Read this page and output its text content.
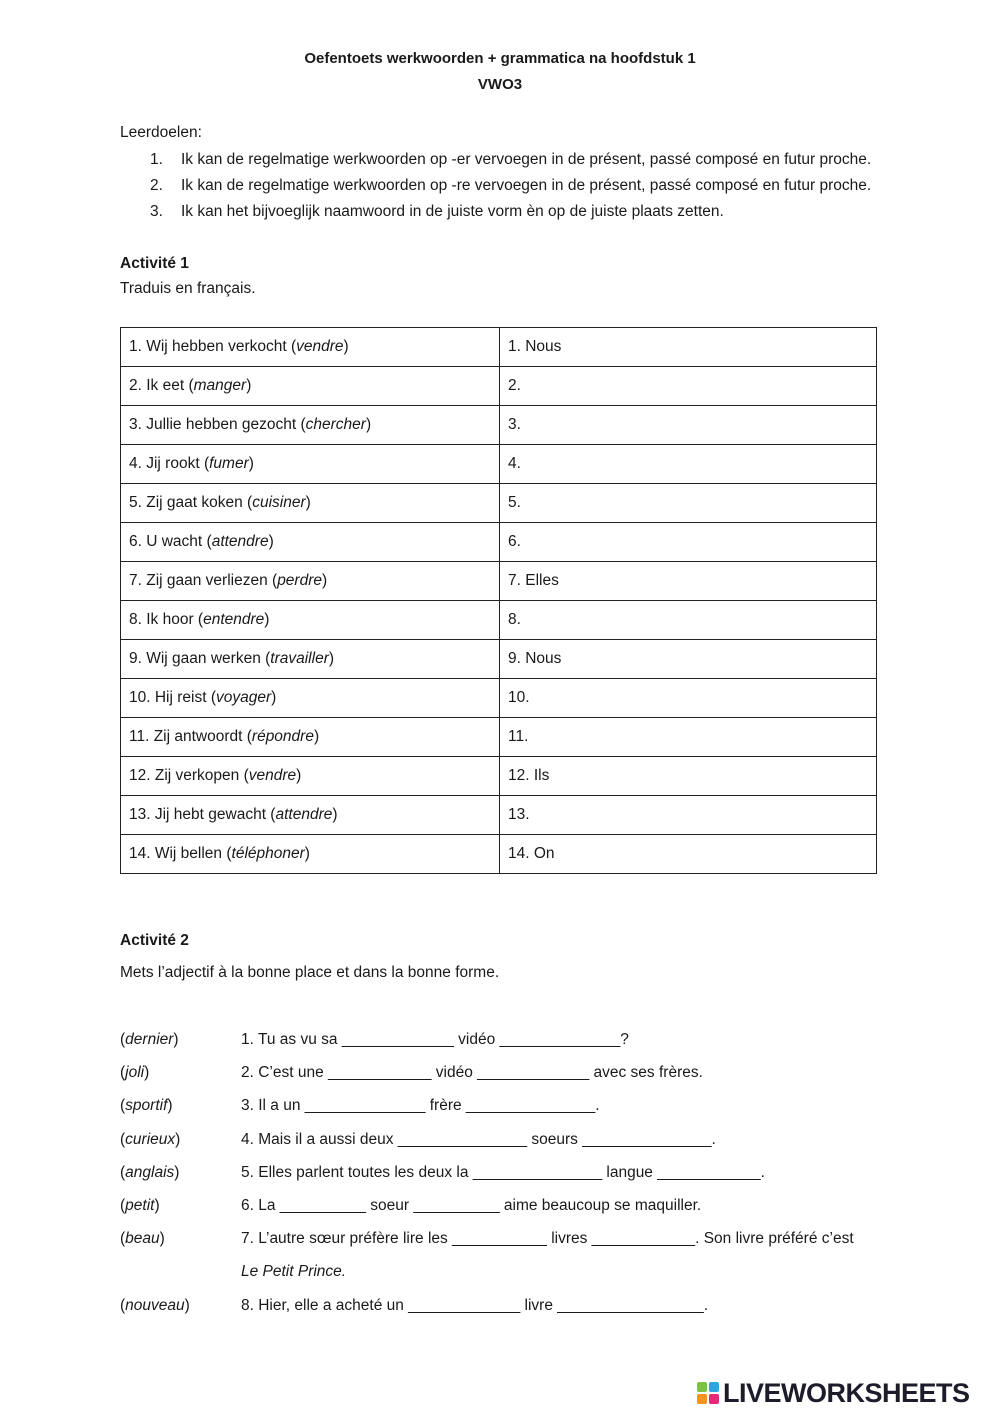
Oefentoets werkwoorden + grammatica na hoofdstuk 1
VWO3
Leerdoelen:
1. Ik kan de regelmatige werkwoorden op -er vervoegen in de présent, passé composé en futur proche.
2. Ik kan de regelmatige werkwoorden op -re vervoegen in de présent, passé composé en futur proche.
3. Ik kan het bijvoeglijk naamwoord in de juiste vorm èn op de juiste plaats zetten.
Activité 1
Traduis en français.
1. Wij hebben verkocht (vendre)	1. Nous
2. Ik eet (manger)	2.
3. Jullie hebben gezocht (chercher)	3.
4. Jij rookt (fumer)	4.
5. Zij gaat koken (cuisiner)	5.
6. U wacht (attendre)	6.
7. Zij gaan verliezen (perdre)	7. Elles
8. Ik hoor (entendre)	8.
9. Wij gaan werken (travailler)	9. Nous
10. Hij reist (voyager)	10.
11. Zij antwoordt (répondre)	11.
12. Zij verkopen (vendre)	12. Ils
13. Jij hebt gewacht (attendre)	13.
14. Wij bellen (téléphoner)	14. On
Activité 2
Mets l’adjectif à la bonne place et dans la bonne forme.
(dernier)	1. Tu as vu sa _____________ vidéo ______________?
(joli)	2. C’est une ____________ vidéo _____________ avec ses frères.
(sportif)	3. Il a un ______________ frère _______________.
(curieux)	4. Mais il a aussi deux _______________ soeurs _______________.
(anglais)	5. Elles parlent toutes les deux la _______________ langue ____________.
(petit)	6. La __________ soeur __________ aime beaucoup se maquiller.
(beau)	7. L’autre sœur préfère lire les ___________ livres ____________. Son livre préféré c’est
Le Petit Prince.
(nouveau)	8. Hier, elle a acheté un _____________ livre _________________.
LIVEWORKSHEETS
